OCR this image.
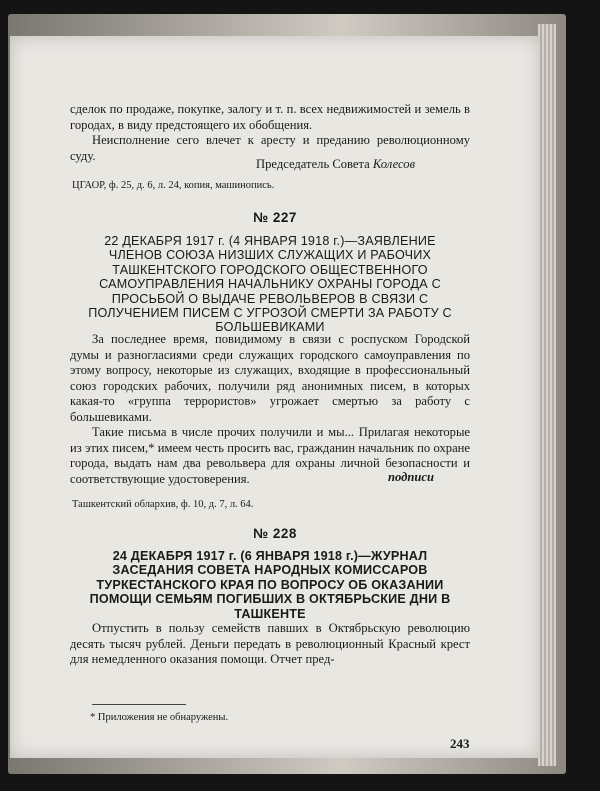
сделок по продаже, покупке, залогу и т. п. всех недвижимостей и земель в городах, в виду предстоящего их обобщения.

Неисполнение сего влечет к аресту и преданию революционному суду.

Председатель Совета Колесов
ЦГАОР, ф. 25, д. 6, л. 24, копия, машинопись.
№ 227
22 ДЕКАБРЯ 1917 г. (4 ЯНВАРЯ 1918 г.)—ЗАЯВЛЕНИЕ ЧЛЕНОВ СОЮЗА НИЗШИХ СЛУЖАЩИХ И РАБОЧИХ ТАШКЕНТСКОГО ГОРОДСКОГО ОБЩЕСТВЕННОГО САМОУПРАВЛЕНИЯ НАЧАЛЬНИКУ ОХРАНЫ ГОРОДА С ПРОСЬБОЙ О ВЫДАЧЕ РЕВОЛЬВЕРОВ В СВЯЗИ С ПОЛУЧЕНИЕМ ПИСЕМ С УГРОЗОЙ СМЕРТИ ЗА РАБОТУ С БОЛЬШЕВИКАМИ

За последнее время, повидимому в связи с роспуском Городской думы и разногласиями среди служащих городского самоуправления по этому вопросу, некоторые из служащих, входящие в профессиональный союз городских рабочих, получили ряд анонимных писем, в которых какая-то «группа террористов» угрожает смертью за работу с большевиками.

Такие письма в числе прочих получили и мы... Прилагая некоторые из этих писем,* имеем честь просить вас, гражданин начальник по охране города, выдать нам два револьвера для охраны личной безопасности и соответствующие удостоверения.	подписи
Ташкентский облархив, ф. 10, д. 7, л. 64.
№ 228
24 ДЕКАБРЯ 1917 г. (6 ЯНВАРЯ 1918 г.)—ЖУРНАЛ ЗАСЕДАНИЯ СОВЕТА НАРОДНЫХ КОМИССАРОВ ТУРКЕСТАНСКОГО КРАЯ ПО ВОПРОСУ ОБ ОКАЗАНИИ ПОМОЩИ СЕМЬЯМ ПОГИБШИХ В ОКТЯБРЬСКИЕ ДНИ В ТАШКЕНТЕ

Отпустить в пользу семейств павших в Октябрьскую революцию десять тысяч рублей. Деньги передать в революционный Красный крест для немедленного оказания помощи. Отчет пред-

* Приложения не обнаружены.
243
